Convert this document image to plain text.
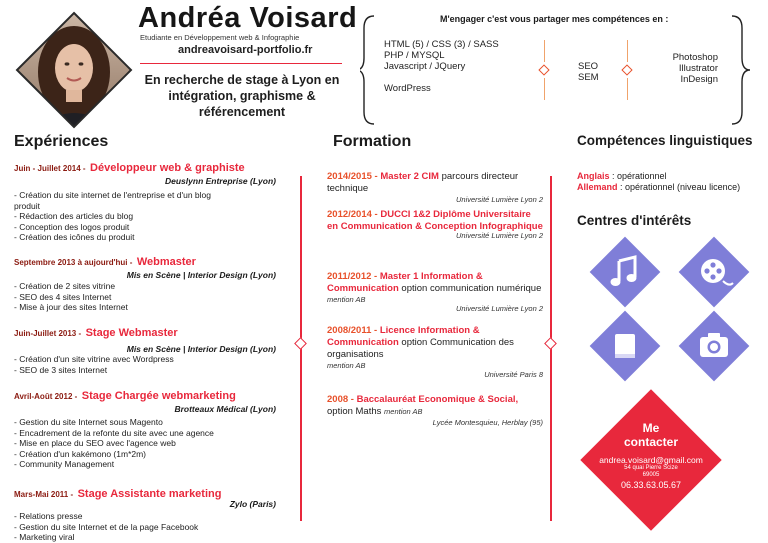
Andréa Voisard
Etudiante en Développement web & Infographie
andreavoisard-portfolio.fr
En recherche de stage à Lyon en intégration, graphisme & référencement
M'engager c'est vous partager mes compétences en :
HTML (5) / CSS (3) / SASS
PHP / MYSQL
Javascript / JQuery
WordPress
SEO
SEM
Photoshop
Illustrator
InDesign
Expériences
Juin - Juillet 2014 - Développeur web & graphiste
Deuslynn Entreprise (Lyon)
- Création du site internet de l'entreprise et d'un blog
produit
- Rédaction des articles du blog
- Conception des logos produit
- Création des icônes du produit
Septembre 2013 à aujourd'hui - Webmaster
Mis en Scène | Interior Design (Lyon)
- Création de 2 sites vitrine
- SEO des 4 sites Internet
- Mise à jour des sites Internet
Juin-Juillet 2013 - Stage Webmaster
Mis en Scène | Interior Design (Lyon)
- Création d'un site vitrine avec Wordpress
- SEO de 3 sites Internet
Avril-Août 2012 - Stage Chargée webmarketing
Brotteaux Médical (Lyon)
- Gestion du site Internet sous Magento
- Encadrement de la refonte du site avec une agence
- Mise en place du SEO avec l'agence web
- Création d'un kakémono (1m*2m)
- Community Management
Mars-Mai 2011 - Stage Assistante marketing
Zylo (Paris)
- Relations presse
- Gestion du site Internet et de la page Facebook
- Marketing viral
Formation
2014/2015 - Master 2 CIM parcours directeur technique
Université Lumière Lyon 2
2012/2014 - DUCCI 1&2 Diplôme Universitaire en Communication & Conception Infographique
Université Lumière Lyon 2
2011/2012 - Master 1 Information & Communication option communication numérique
mention AB
Université Lumière Lyon 2
2008/2011 - Licence Information & Communication option Communication des organisations
mention AB
Université Paris 8
2008 - Baccalauréat Economique & Social, option Maths mention AB
Lycée Montesquieu, Herblay (95)
Compétences linguistiques
Anglais : opérationnel
Allemand : opérationnel (niveau licence)
Centres d'intérêts
Me
contacter
andrea.voisard@gmail.com
54 quai Pierre Scize
69005
06.33.63.05.67
